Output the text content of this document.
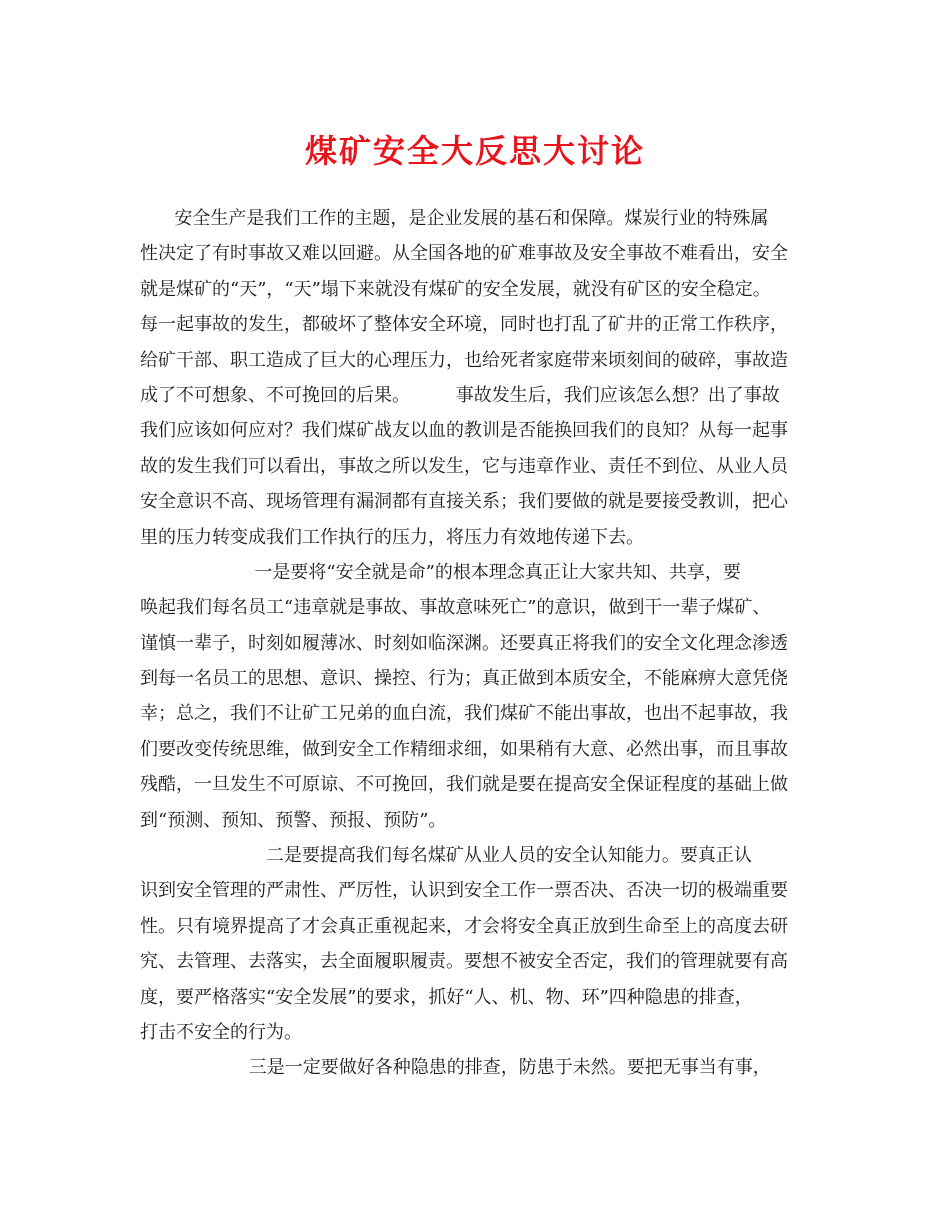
煤矿安全大反思大讨论
安全生产是我们工作的主题，是企业发展的基石和保障。煤炭行业的特殊属
性决定了有时事故又难以回避。从全国各地的矿难事故及安全事故不难看出，安全
就是煤矿的“天”，“天”塌下来就没有煤矿的安全发展，就没有矿区的安全稳定。
每一起事故的发生，都破坏了整体安全环境，同时也打乱了矿井的正常工作秩序，
给矿干部、职工造成了巨大的心理压力，也给死者家庭带来顷刻间的破碎，事故造
成了不可想象、不可挽回的后果。        事故发生后，我们应该怎么想？出了事故
我们应该如何应对？我们煤矿战友以血的教训是否能换回我们的良知？从每一起事
故的发生我们可以看出，事故之所以发生，它与违章作业、责任不到位、从业人员
安全意识不高、现场管理有漏洞都有直接关系；我们要做的就是要接受教训，把心
里的压力转变成我们工作执行的压力，将压力有效地传递下去。
一是要将“安全就是命”的根本理念真正让大家共知、共享，要
唤起我们每名员工“违章就是事故、事故意味死亡”的意识，做到干一辈子煤矿、
谨慎一辈子，时刻如履薄冰、时刻如临深渊。还要真正将我们的安全文化理念渗透
到每一名员工的思想、意识、操控、行为；真正做到本质安全，不能麻痹大意凭侥
幸；总之，我们不让矿工兄弟的血白流，我们煤矿不能出事故，也出不起事故，我
们要改变传统思维，做到安全工作精细求细，如果稍有大意、必然出事，而且事故
残酷，一旦发生不可原谅、不可挽回，我们就是要在提高安全保证程度的基础上做
到“预测、预知、预警、预报、预防”。
二是要提高我们每名煤矿从业人员的安全认知能力。要真正认
识到安全管理的严肃性、严厉性，认识到安全工作一票否决、否决一切的极端重要
性。只有境界提高了才会真正重视起来，才会将安全真正放到生命至上的高度去研
究、去管理、去落实，去全面履职履责。要想不被安全否定，我们的管理就要有高
度，要严格落实“安全发展”的要求，抓好“人、机、物、环”四种隐患的排查，
打击不安全的行为。
三是一定要做好各种隐患的排查，防患于未然。要把无事当有事，
